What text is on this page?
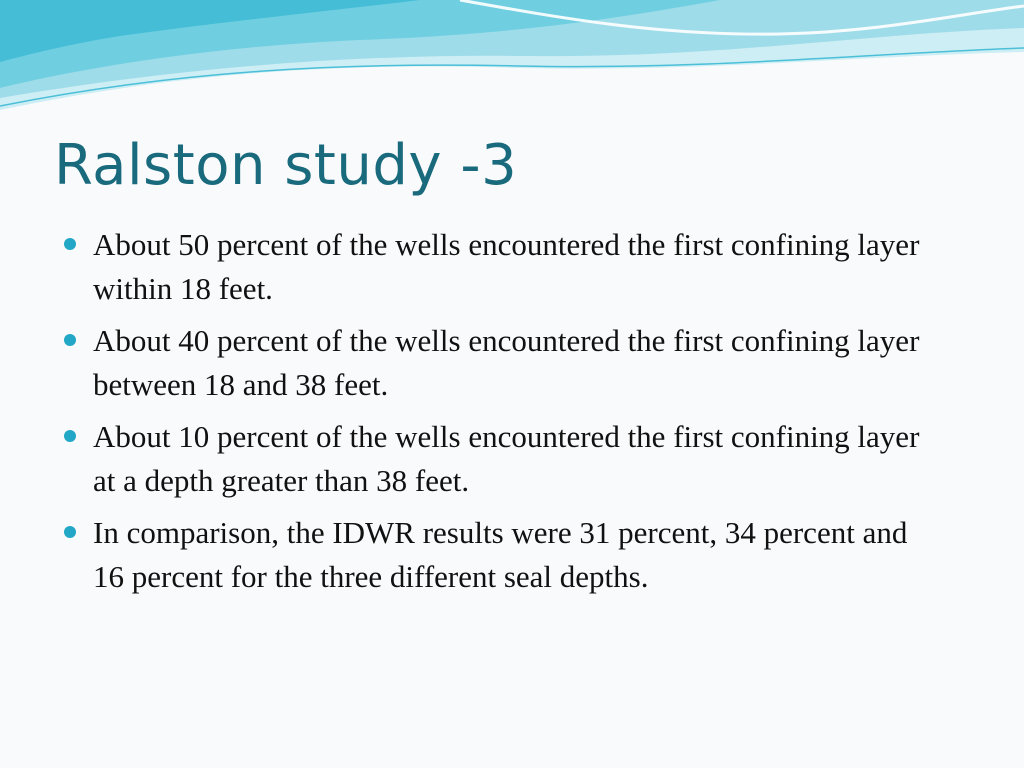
Ralston study -3
About 50 percent of the wells encountered the first confining layer within 18 feet.
About 40 percent of the wells encountered the first confining layer between 18 and 38 feet.
About 10 percent of the wells encountered the first confining layer at a depth greater than 38 feet.
In comparison, the IDWR results were 31 percent, 34 percent and 16 percent for the three different seal depths.
